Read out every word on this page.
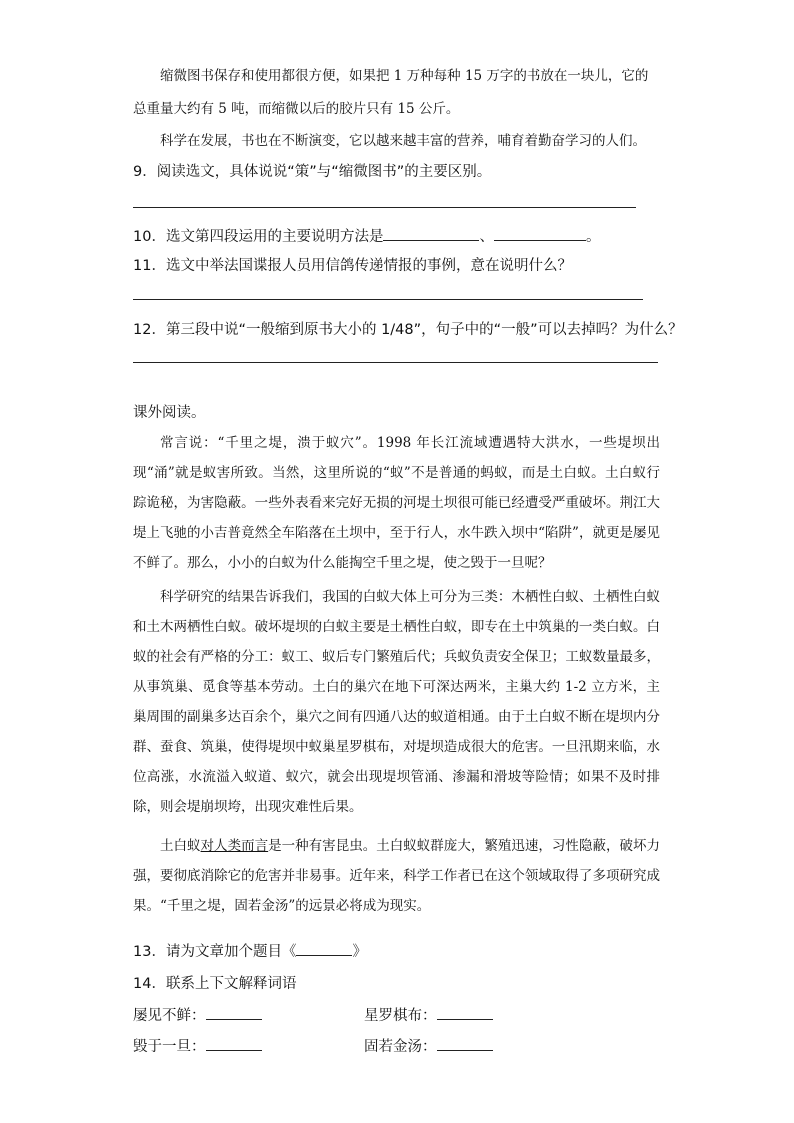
缩微图书保存和使用都很方便，如果把 1 万种每种 15 万字的书放在一块儿，它的
总重量大约有 5 吨，而缩微以后的胶片只有 15 公斤。
科学在发展，书也在不断演变，它以越来越丰富的营养，哺育着勤奋学习的人们。
9．阅读选文，具体说说“策”与“缩微图书”的主要区别。
10．选文第四段运用的主要说明方法是	、	。
11．选文中举法国谍报人员用信鸽传递情报的事例，意在说明什么？
12．第三段中说“一般缩到原书大小的 1/48”，句子中的“一般”可以去掉吗？为什么？
课外阅读。
常言说：“千里之堤，溃于蚁穴”。1998 年长江流域遭遇特大洪水，一些堤坝出现“涌”就是蚁害所致。当然，这里所说的“蚁”不是普通的蚂蚁，而是土白蚁。土白蚁行踪诡秘，为害隐蔽。一些外表看来完好无损的河堤土坝很可能已经遭受严重破坏。荆江大堤上飞驰的小吉普竟然全车陷落在土坝中，至于行人，水牛跌入坝中“陷阱”，就更是屡见不鲜了。那么，小小的白蚁为什么能掏空千里之堤，使之毁于一旦呢？
科学研究的结果告诉我们，我国的白蚁大体上可分为三类：木栖性白蚁、土栖性白蚁和土木两栖性白蚁。破坏堤坝的白蚁主要是土栖性白蚁，即专在土中筑巢的一类白蚁。白蚁的社会有严格的分工：蚁工、蚁后专门繁殖后代；兵蚁负责安全保卫；工蚁数量最多，从事筑巢、觅食等基本劳动。土白的巢穴在地下可深达两米，主巢大约 1-2 立方米，主巢周围的副巢多达百余个，巢穴之间有四通八达的蚁道相通。由于土白蚁不断在堤坝内分群、蚕食、筑巢，使得堤坝中蚁巢星罗棋布，对堤坝造成很大的危害。一旦汛期来临，水位高涨，水流溢入蚁道、蚁穴，就会出现堤坝管涌、渗漏和滑坡等险情；如果不及时排除，则会堤崩坝垮，出现灾难性后果。
土白蚁对人类而言是一种有害昆虫。土白蚁蚁群庞大，繁殖迅速，习性隐蔽，破坏力强，要彻底消除它的危害并非易事。近年来，科学工作者已在这个领域取得了多项研究成果。“千里之堤，固若金汤”的远景必将成为现实。
13．请为文章加个题目《	》
14．联系上下文解释词语
屡见不鲜：	星罗棋布：
毁于一旦：	固若金汤：
